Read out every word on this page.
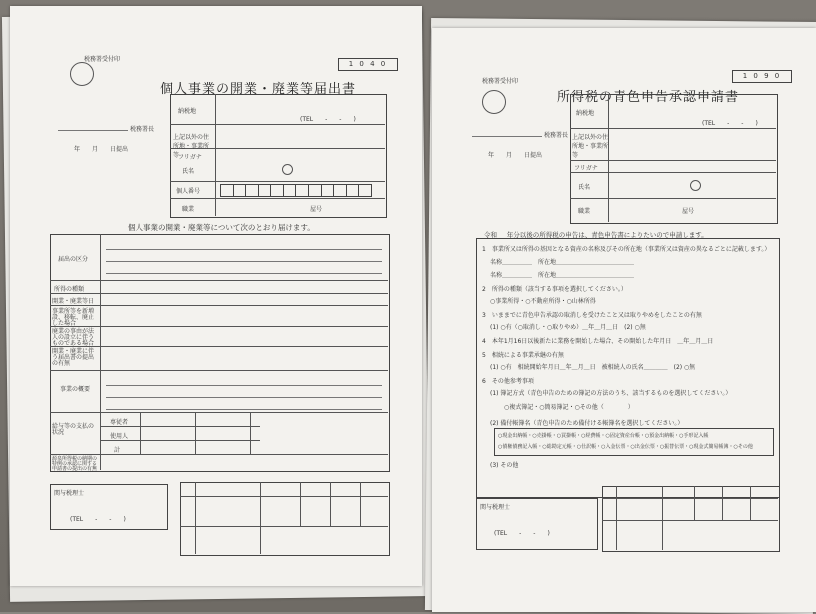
税務署受付印
1 0 4 0
個人事業の開業・廃業等届出書
税務署長
年　　月　　日提出
納税地
上記以外の住所地・事業所等
フリガナ
氏名
個人番号
職業	屋号
(TEL　　-　　-　　)
個人事業の開業・廃業等について次のとおり届けます。
届出の区分
所得の種類
開業・廃業等日
事業所等を新増設、移転、廃止した場合
廃業の事由が法人の設立に伴うものである場合
開業・廃業に伴う届出書の提出の有無
事業の概要
給与等の支払の状況
源泉所得税の納期の特例の承認に関する申請書の提出の有無
専従者
使用人
計
関与税理士
(TEL　　-　　-　　)
税務署受付印
1 0 9 0
所得税の青色申告承認申請書
税務署長
年　　月　　日提出
納税地
上記以外の住所地・事業所等
フリガナ
氏名
職業	屋号
(TEL　　-　　-　　)
令和___年分以後の所得税の申告は、青色申告書によりたいので申請します。
1　事業所又は所得の基因となる資産の名称及びその所在地（事業所又は資産の異なるごとに記載します。）
名称＿＿＿＿＿　所在地＿＿＿＿＿＿＿＿＿＿＿＿＿
名称＿＿＿＿＿　所在地＿＿＿＿＿＿＿＿＿＿＿＿＿
2　所得の種類（該当する事項を選択してください。）
○事業所得・○不動産所得・○山林所得
3　いままでに青色申告承認の取消しを受けたこと又は取りやめをしたことの有無
(1) ○有（○取消し・○取りやめ）＿年＿月＿日　(2) ○無
4　本年1月16日以後新たに業務を開始した場合、その開始した年月日　＿年＿月＿日
5　相続による事業承継の有無
(1) ○有　相続開始年月日＿年＿月＿日　被相続人の氏名＿＿＿＿　(2) ○無
6　その他参考事項
(1) 簿記方式（青色申告のための簿記の方法のうち、該当するものを選択してください。）
○複式簿記・○簡易簿記・○その他（　　　　）
(2) 備付帳簿名（青色申告のため備付ける帳簿名を選択してください。）
○現金出納帳・○売掛帳・○買掛帳・○経費帳・○固定資産台帳・○預金出納帳・○手形記入帳
○債権債務記入帳・○総勘定元帳・○仕訳帳・○入金伝票・○出金伝票・○振替伝票・○現金式簡易帳簿・○その他
(3) その他
関与税理士
(TEL　　-　　-　　)
